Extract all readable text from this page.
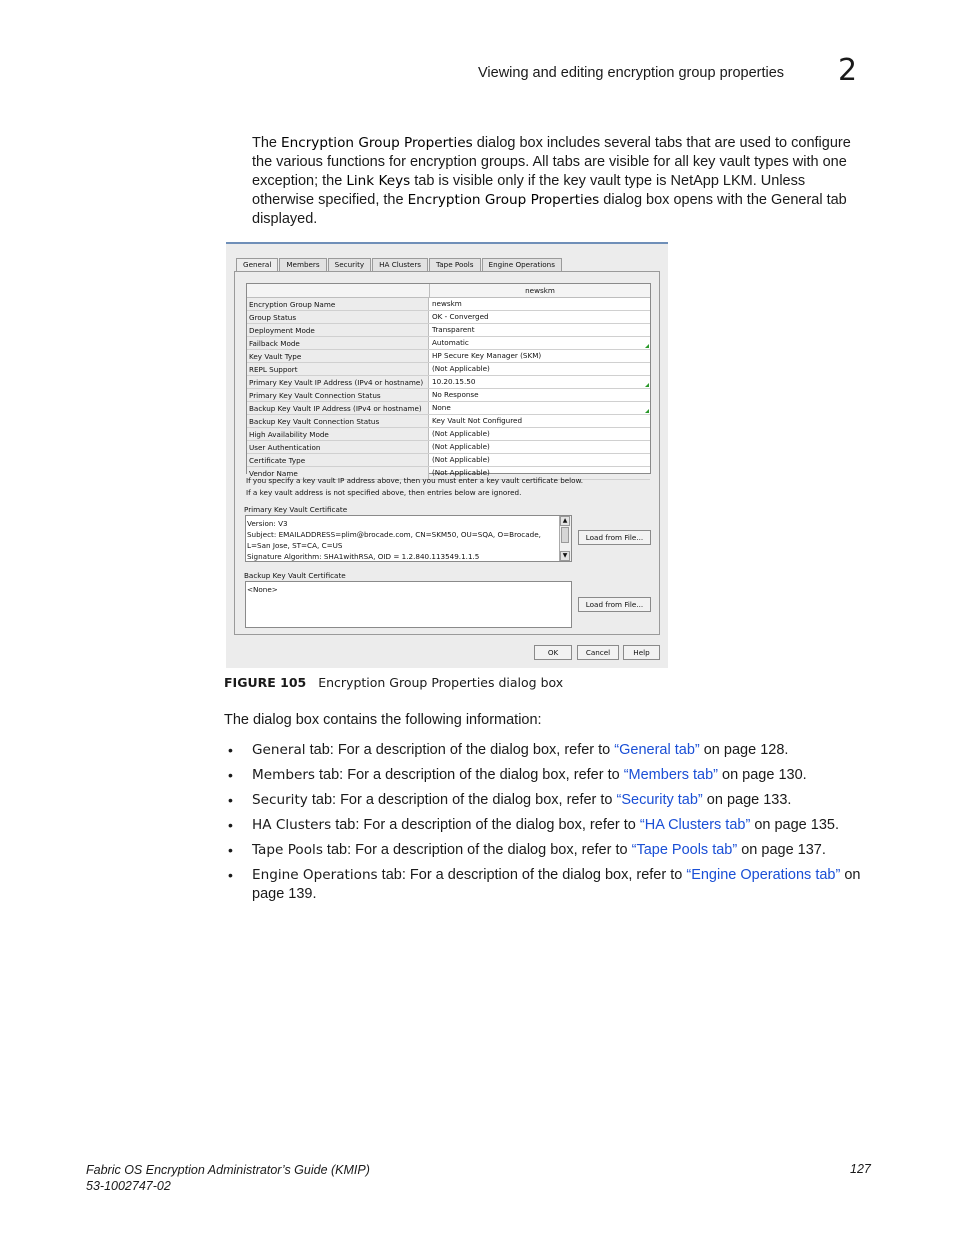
Viewing and editing encryption group properties 2
The Encryption Group Properties dialog box includes several tabs that are used to configure the various functions for encryption groups. All tabs are visible for all key vault types with one exception; the Link Keys tab is visible only if the key vault type is NetApp LKM. Unless otherwise specified, the Encryption Group Properties dialog box opens with the General tab displayed.
General	Members	Security	HA Clusters	Tape Pools	Engine Operations
newskm
Encryption Group Name	newskm
Group Status	OK - Converged
Deployment Mode	Transparent
Failback Mode	Automatic
Key Vault Type	HP Secure Key Manager (SKM)
REPL Support	(Not Applicable)
Primary Key Vault IP Address (IPv4 or hostname)	10.20.15.50
Primary Key Vault Connection Status	No Response
Backup Key Vault IP Address (IPv4 or hostname)	None
Backup Key Vault Connection Status	Key Vault Not Configured
High Availability Mode	(Not Applicable)
User Authentication	(Not Applicable)
Certificate Type	(Not Applicable)
Vendor Name	(Not Applicable)
If you specify a key vault IP address above, then you must enter a key vault certificate below.
If a key vault address is not specified above, then entries below are ignored.
Primary Key Vault Certificate
Version: V3
Subject: EMAILADDRESS=plim@brocade.com, CN=SKM50, OU=SQA, O=Brocade,
L=San Jose, ST=CA, C=US
Signature Algorithm: SHA1withRSA, OID = 1.2.840.113549.1.1.5
▲
▼
Load from File...
Backup Key Vault Certificate
<None>
Load from File...
OK	Cancel	Help
FIGURE 105 Encryption Group Properties dialog box
The dialog box contains the following information:
• General tab: For a description of the dialog box, refer to “General tab” on page 128.
• Members tab: For a description of the dialog box, refer to “Members tab” on page 130.
• Security tab: For a description of the dialog box, refer to “Security tab” on page 133.
• HA Clusters tab: For a description of the dialog box, refer to “HA Clusters tab” on page 135.
• Tape Pools tab: For a description of the dialog box, refer to “Tape Pools tab” on page 137.
• Engine Operations tab: For a description of the dialog box, refer to “Engine Operations tab” on page 139.
Fabric OS Encryption Administrator’s Guide (KMIP)
53-1002747-02
127
